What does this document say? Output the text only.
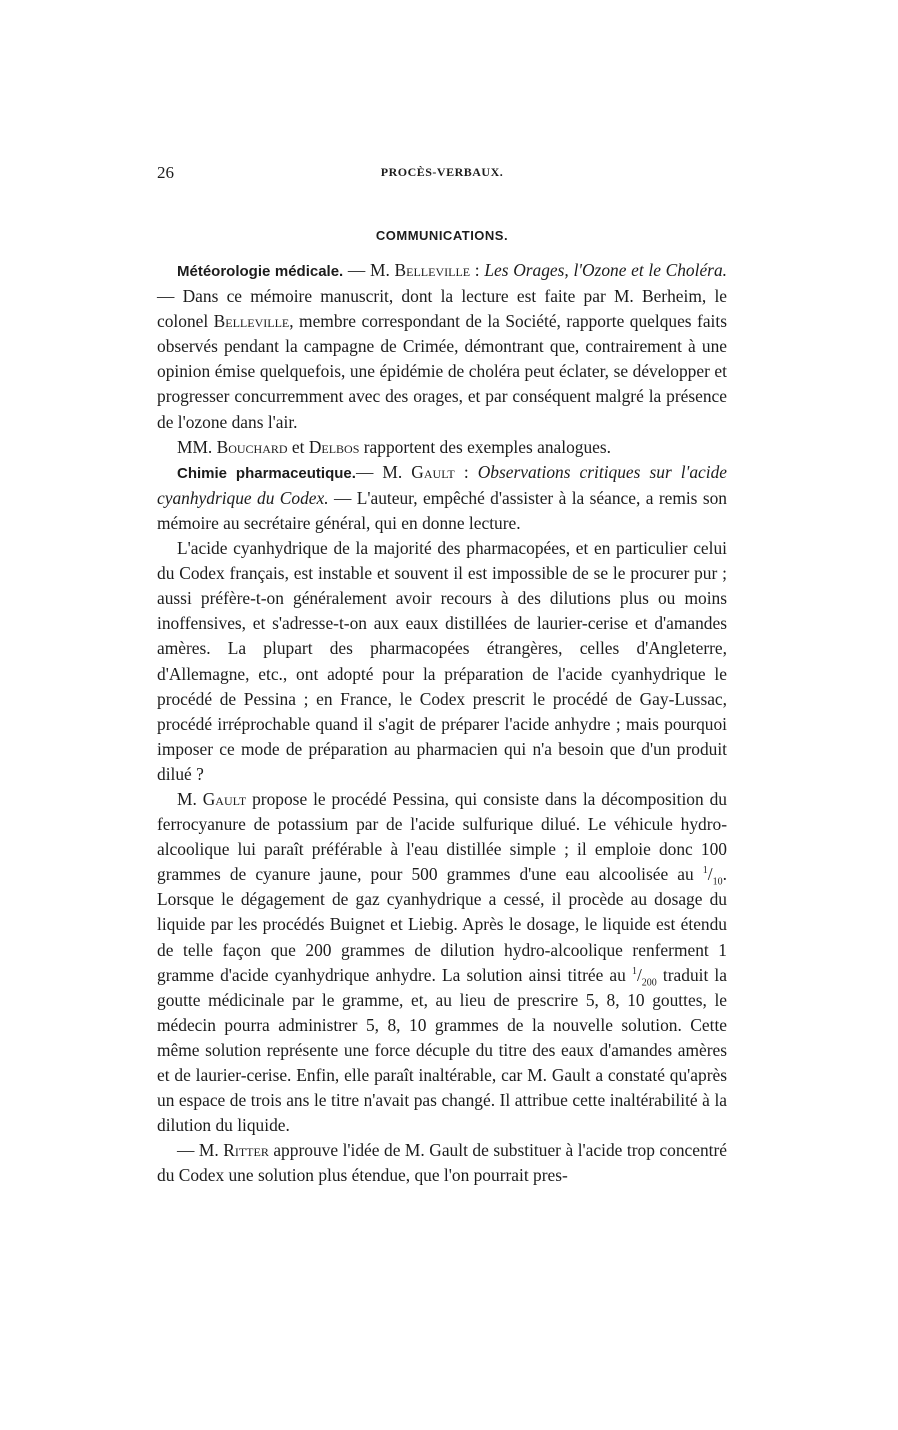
26	PROCÈS-VERBAUX.
COMMUNICATIONS.

Météorologie médicale. — M. Belleville : Les Orages, l'Ozone et le Choléra. — Dans ce mémoire manuscrit, dont la lecture est faite par M. Berheim, le colonel Belleville, membre correspondant de la Société, rapporte quelques faits observés pendant la campagne de Crimée, démontrant que, contrairement à une opinion émise quelquefois, une épidémie de choléra peut éclater, se développer et progresser concurremment avec des orages, et par conséquent malgré la présence de l'ozone dans l'air.

MM. Bouchard et Delbos rapportent des exemples analogues.

Chimie pharmaceutique.— M. Gault : Observations critiques sur l'acide cyanhydrique du Codex. — L'auteur, empêché d'assister à la séance, a remis son mémoire au secrétaire général, qui en donne lecture.

L'acide cyanhydrique de la majorité des pharmacopées, et en particulier celui du Codex français, est instable et souvent il est impossible de se le procurer pur ; aussi préfère-t-on généralement avoir recours à des dilutions plus ou moins inoffensives, et s'adresse-t-on aux eaux distillées de laurier-cerise et d'amandes amères. La plupart des pharmacopées étrangères, celles d'Angleterre, d'Allemagne, etc., ont adopté pour la préparation de l'acide cyanhydrique le procédé de Pessina ; en France, le Codex prescrit le procédé de Gay-Lussac, procédé irréprochable quand il s'agit de préparer l'acide anhydre ; mais pourquoi imposer ce mode de préparation au pharmacien qui n'a besoin que d'un produit dilué ?

M. Gault propose le procédé Pessina, qui consiste dans la décomposition du ferrocyanure de potassium par de l'acide sulfurique dilué. Le véhicule hydro-alcoolique lui paraît préférable à l'eau distillée simple ; il emploie donc 100 grammes de cyanure jaune, pour 500 grammes d'une eau alcoolisée au $^1/_{10}$. Lorsque le dégagement de gaz cyanhydrique a cessé, il procède au dosage du liquide par les procédés Buignet et Liebig. Après le dosage, le liquide est étendu de telle façon que 200 grammes de dilution hydro-alcoolique renferment 1 gramme d'acide cyanhydrique anhydre. La solution ainsi titrée au $^1/_{200}$ traduit la goutte médicinale par le gramme, et, au lieu de prescrire 5, 8, 10 gouttes, le médecin pourra administrer 5, 8, 10 grammes de la nouvelle solution. Cette même solution représente une force décuple du titre des eaux d'amandes amères et de laurier-cerise. Enfin, elle paraît inaltérable, car M. Gault a constaté qu'après un espace de trois ans le titre n'avait pas changé. Il attribue cette inaltérabilité à la dilution du liquide.

— M. Ritter approuve l'idée de M. Gault de substituer à l'acide trop concentré du Codex une solution plus étendue, que l'on pourrait pres-
